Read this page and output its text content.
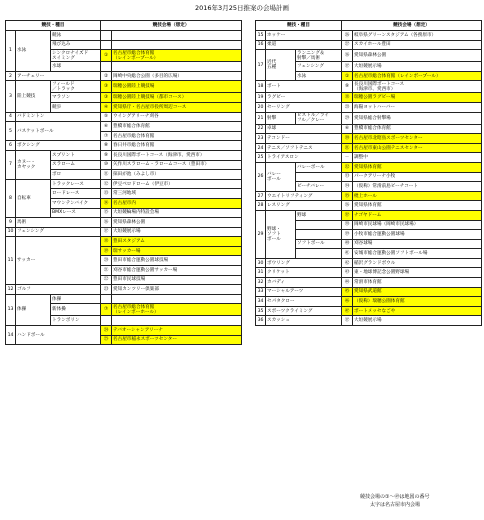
2016年3月25日推案の会場計画
競技・種目			競技会場（想定）	
1	水泳	競泳		
		飛び込み		
		シンクロナイズド
スイミング	①	名古屋市総合体育館
（レインボープール）
		水球		
2	アーチェリー		②	岡崎中央総合公園（多目的広場）
3	陸上競技	フィールド
／トラック	③	瑞穂公園陸上競技場
		マラソン	③	瑞穂公園陸上競技場（都市コース）
		競歩	④	愛知県庁・名古屋市役所周辺コース
4	バドミントン		⑤	ウイングアリーナ刈谷
5	バスケットボール		⑥	豊橋市総合体育館
			⑦	名古屋市総合体育館
6	ボクシング		⑧	春日井市総合体育館
7	カヌー・
カヤック	スプリント	⑨	長良川国際ボートコース（海津市、愛西市）
		スラローム	⑩	矢作川スラローム・ラロームコース（豊田市）
		ポロ	⑪	探田が池（みよし市）
8	自転車	トラックレース	⑫	伊豆ベロドローム（伊豆市）
		ロードレース	⑬	常三河地域
		マウンテンバイク	⑭	名古屋市内
		BMXレース	⑮	大垣競輪場内特設会場
9	馬術		⑯	愛知県森林公園
10	フェンシング		⑰	大垣競展示場
11	サッカー		⑱	豊田スタジアム
			⑲	瑞サッカー場
			⑳	豊田市総合運動公園球技場
			㉑	刈谷市総合運動公園サッカー場
			㉒	豊田市民球技場
12	ゴルフ		㉓	愛知カンツリー倶楽部
13	体操	体操		
		新体操	⑦	名古屋市総合体育館
（レインボーホール）
		トランポリン		
14	ハンドボール		㉔	テバオーシャンアリーナ
			㉕	名古屋市稲永スポーツセンター
競技・種目			競技会場（想定）	
15	ホッケー		㉖	岐阜県グリーンスタジアム（各務原市）
16	柔道		㉗	スカイホール豊田
17	近代
五種	ランニング＆
射撃／馬術	⑯	愛知県森林公園
		フェンシング	⑰	大垣競展示場
		水泳	①	名古屋市総合体育館（レインボープール）
18	ボート		⑨	長良川国際ボートコース
（海津市、愛西市）
19	ラグビー		⑱	瑞穂公園ラグビー場
20	セーリング		㉘	海陽ヨットハーバー
21	射撃	ピストル／ライ
フル／クレー	㉙	愛知県総合射撃場
22	卓球		⑥	豊橋市総合体育館
23	テコンドー		㉚	名古屋市北昭鳥スポーツセンター
24	テニス／ソフトテニス		㉛	名古屋市東山公園テニスセンター
25	トライアスロン		－	調整中
26	バレー
ボール	バレーボール	㉜	愛知県体育館
			㉝	パークアリーナ小牧
		ビーチバレー	㉞	（仮称）常滑前島ビーチコート
27	ウエイトリフティング		㉟	枇上ホール
28	レスリング		㊱	愛知県体育館
29	野球・
ソフト
ボール	野球	㊲	ナゴヤドーム
			㊳	岡崎市民球場（岡崎市民球場）
			㊴	小牧市総合運動公園球場
		ソフトボール	㊵	刈谷球場
			㊶	安城市総合運動公園ソフトボール場
30	ボウリング		㊷	稲沢グランドボウル
31	クリケット		㊸	東・地球博記念公園野球場
32	カバディ		㊹	常滑市体育館
33	マーシャルアーツ		㊺	愛知県武道館
34	セパタクロー		㊻	（仮称）瑞穂公園体育館
35	スポーツクライミング		㊼	ボートメッセなごや
36	スカッシュ		⑰	大垣競展示場
競技会場の①～㊾は地図の番号
太字は名古屋市内会場
